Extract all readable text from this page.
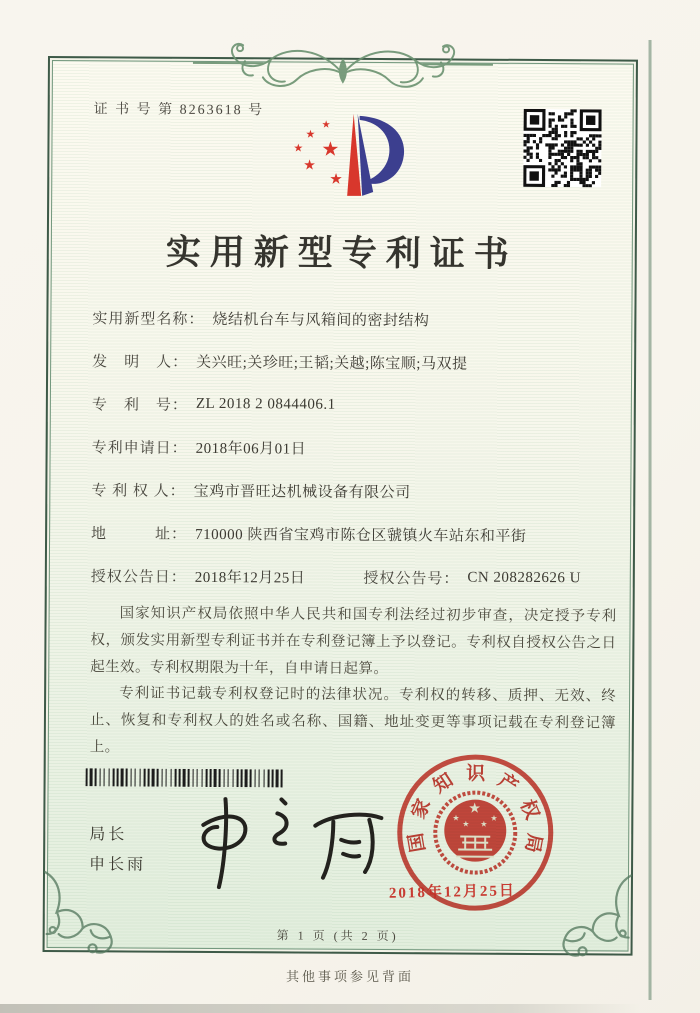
证 书 号 第 8263618 号
★
★
★
★
★
★
实用新型专利证书
实用新型名称： 烧结机台车与风箱间的密封结构
发　明　人： 关兴旺;关珍旺;王韬;关越;陈宝顺;马双提
专　利　号： ZL 2018 2 0844406.1
专利申请日： 2018年06月01日
专 利 权 人： 宝鸡市晋旺达机械设备有限公司
地　　　址： 710000 陕西省宝鸡市陈仓区虢镇火车站东和平街
授权公告日： 2018年12月25日	授权公告号： CN 208282626 U

国家知识产权局依照中华人民共和国专利法经过初步审查，决定授予专利权，颁发实用新型专利证书并在专利登记簿上予以登记。专利权自授权公告之日起生效。专利权期限为十年，自申请日起算。

专利证书记载专利权登记时的法律状况。专利权的转移、质押、无效、终止、恢复和专利权人的姓名或名称、国籍、地址变更等事项记载在专利登记簿上。

局长
申长雨
国
家
知 识 产
权
局
★
★
★ ★
★
2018年12月25日
第 1 页 (共 2 页)
其他事项参见背面
